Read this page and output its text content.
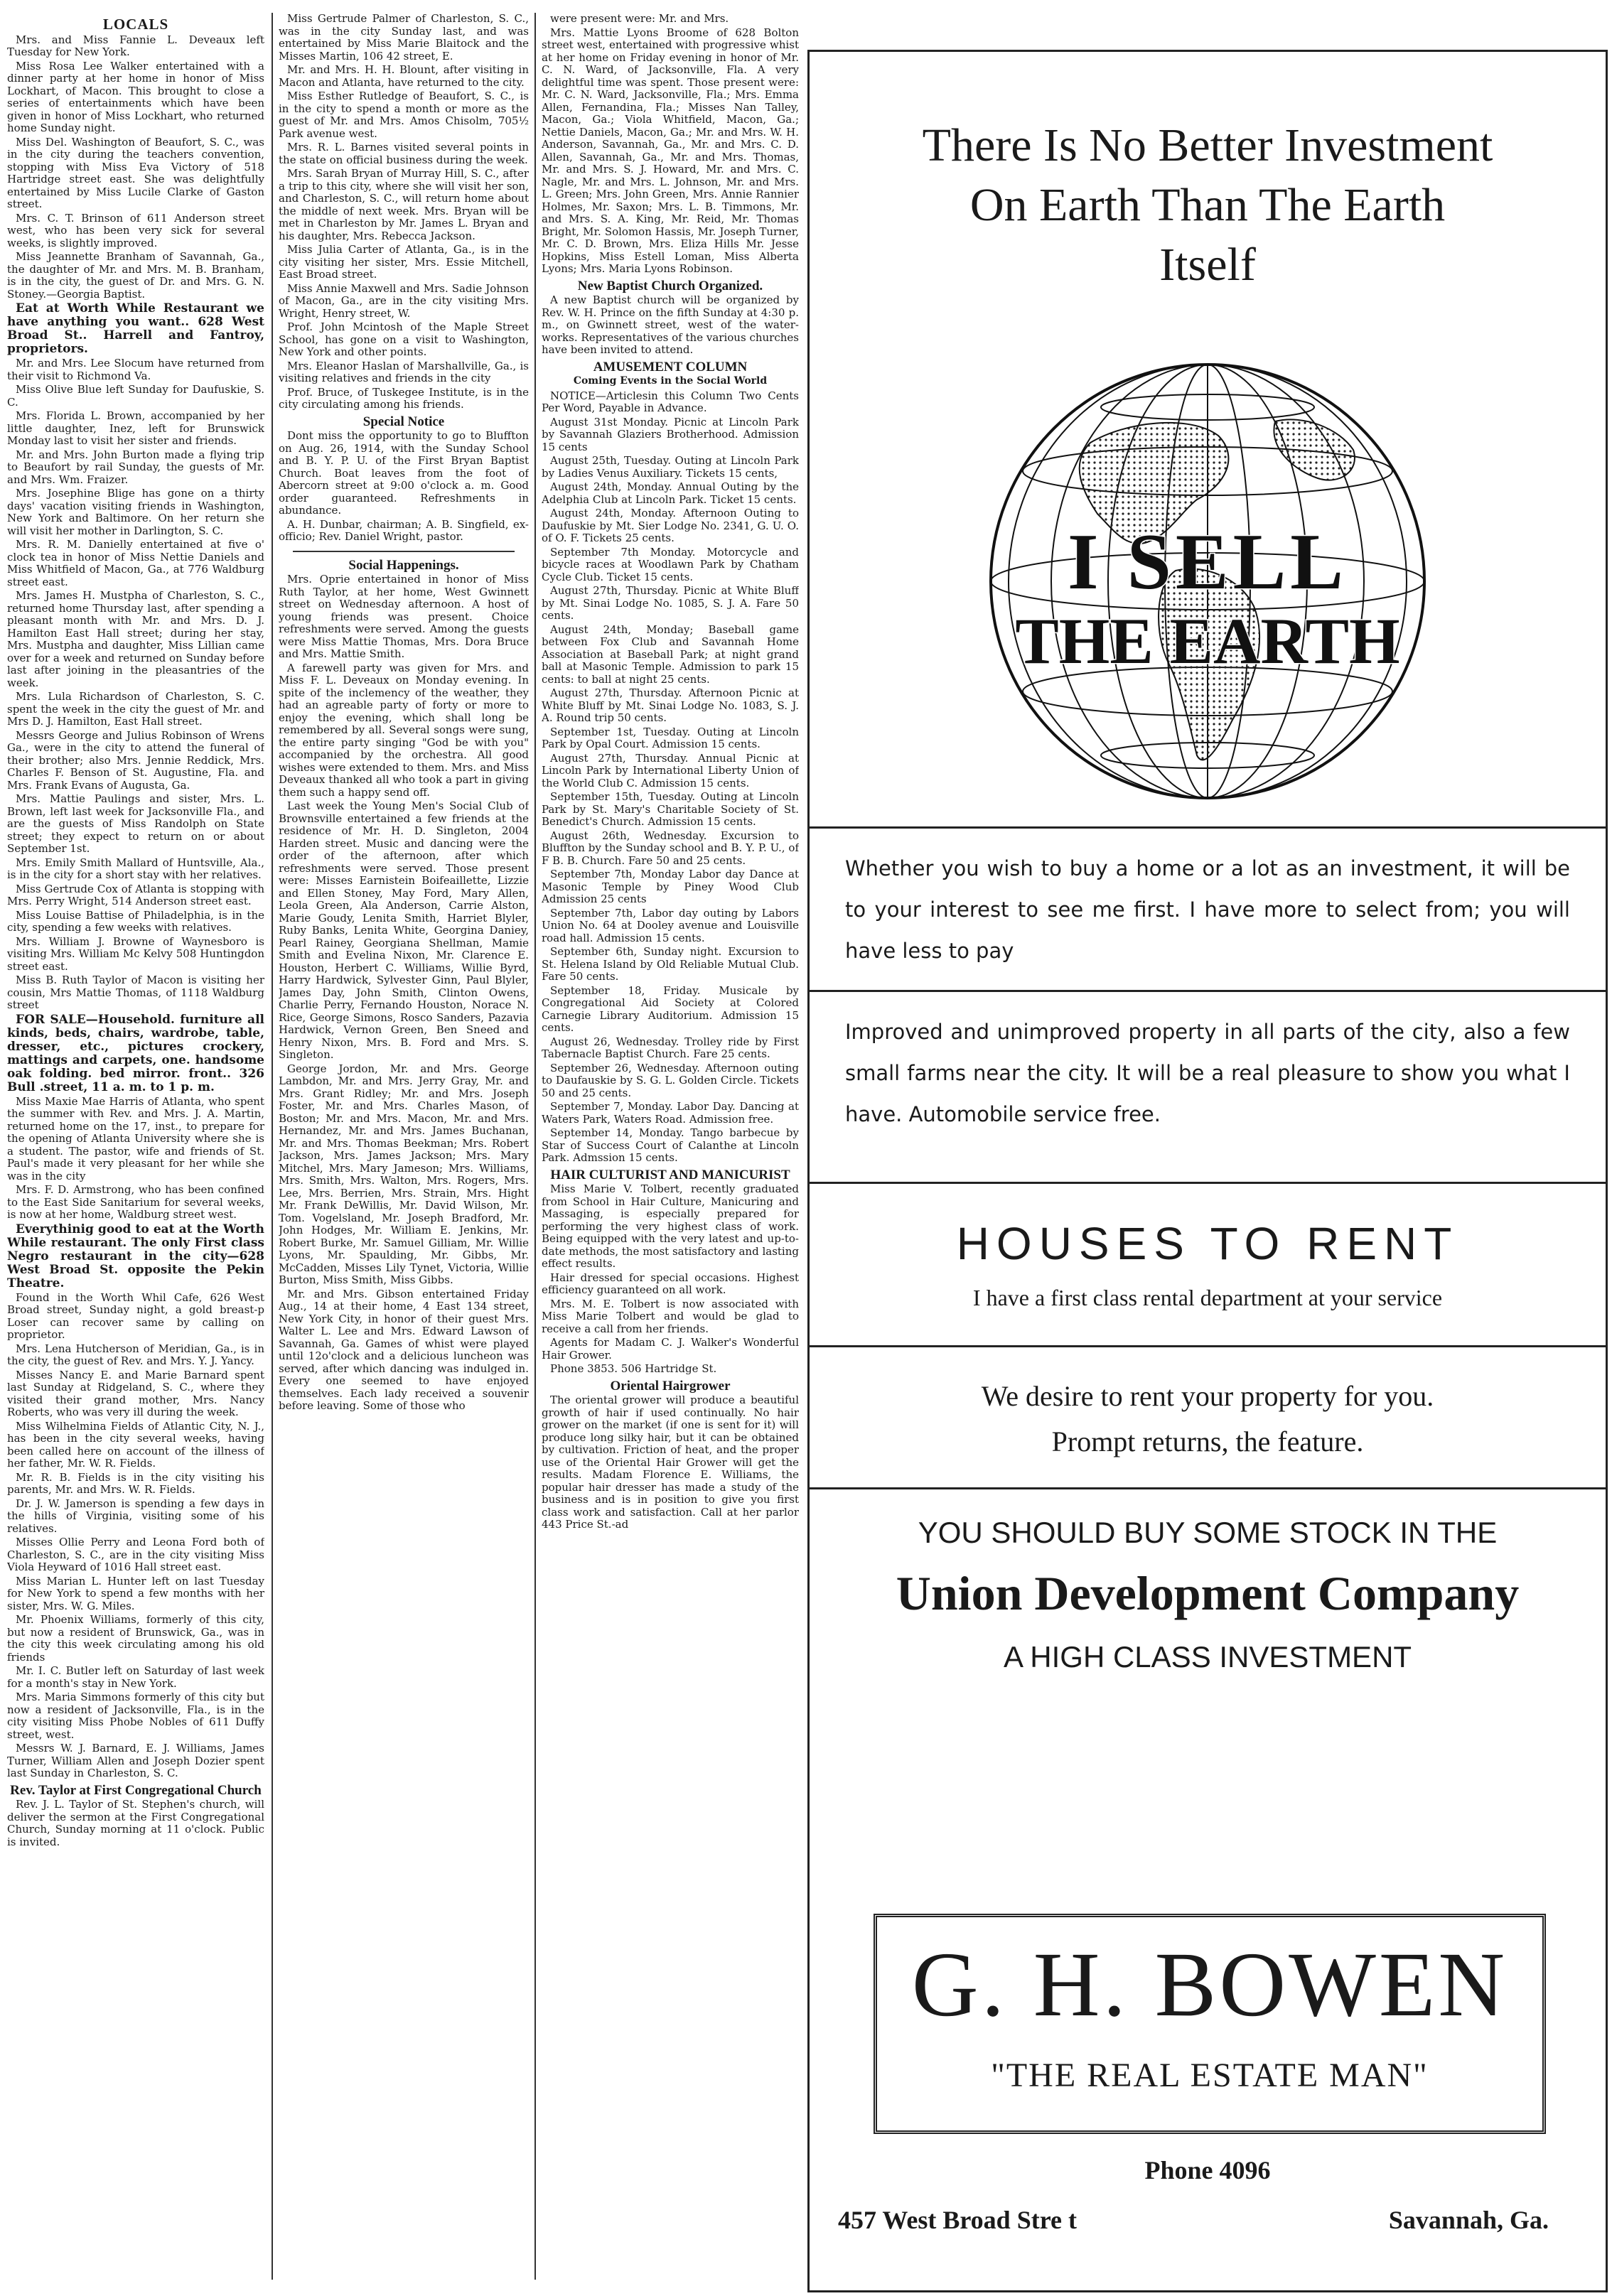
LOCALS

Mrs. and Miss Fannie L. Deveaux left Tuesday for New York.

Miss Rosa Lee Walker entertained with a dinner party at her home in honor of Miss Lockhart, of Macon. This brought to close a series of entertainments which have been given in honor of Miss Lockhart, who returned home Sunday night.

Miss Del. Washington of Beaufort, S. C., was in the city during the teachers convention, stopping with Miss Eva Victory of 518 Hartridge street east. She was delightfully entertained by Miss Lucile Clarke of Gaston street.

Mrs. C. T. Brinson of 611 Anderson street west, who has been very sick for several weeks, is slightly improved.

Miss Jeannette Branham of Savannah, Ga., the daughter of Mr. and Mrs. M. B. Branham, is in the city, the guest of Dr. and Mrs. G. N. Stoney.—Georgia Baptist.

Eat at Worth While Restaurant we have anything you want.. 628 West Broad St.. Harrell and Fantroy, proprietors.

Mr. and Mrs. Lee Slocum have returned from their visit to Richmond Va.

Miss Olive Blue left Sunday for Daufuskie, S. C.

Mrs. Florida L. Brown, accompanied by her little daughter, Inez, left for Brunswick Monday last to visit her sister and friends.

Mr. and Mrs. John Burton made a flying trip to Beaufort by rail Sunday, the guests of Mr. and Mrs. Wm. Fraizer.

Mrs. Josephine Blige has gone on a thirty days' vacation visiting friends in Washington, New York and Baltimore. On her return she will visit her mother in Darlington, S. C.

Mrs. R. M. Danielly entertained at five o' clock tea in honor of Miss Nettie Daniels and Miss Whitfield of Macon, Ga., at 776 Waldburg street east.

Mrs. James H. Mustpha of Charleston, S. C., returned home Thursday last, after spending a pleasant month with Mr. and Mrs. D. J. Hamilton East Hall street; during her stay, Mrs. Mustpha and daughter, Miss Lillian came over for a week and returned on Sunday before last after joining in the pleasantries of the week.

Mrs. Lula Richardson of Charleston, S. C. spent the week in the city the guest of Mr. and Mrs D. J. Hamilton, East Hall street.

Messrs George and Julius Robinson of Wrens Ga., were in the city to attend the funeral of their brother; also Mrs. Jennie Reddick, Mrs. Charles F. Benson of St. Augustine, Fla. and Mrs. Frank Evans of Augusta, Ga.

Mrs. Mattie Paulings and sister, Mrs. L. Brown, left last week for Jacksonville Fla., and are the guests of Miss Randolph on State street; they expect to return on or about September 1st.

Mrs. Emily Smith Mallard of Huntsville, Ala., is in the city for a short stay with her relatives.

Miss Gertrude Cox of Atlanta is stopping with Mrs. Perry Wright, 514 Anderson street east.

Miss Louise Battise of Philadelphia, is in the city, spending a few weeks with relatives.

Mrs. William J. Browne of Waynesboro is visiting Mrs. William Mc Kelvy 508 Huntingdon street east.

Miss B. Ruth Taylor of Macon is visiting her cousin, Mrs Mattie Thomas, of 1118 Waldburg street

FOR SALE—Household. furniture all kinds, beds, chairs, wardrobe, table, dresser, etc., pictures crockery, mattings and carpets, one. handsome oak folding. bed mirror. front.. 326 Bull .street, 11 a. m. to 1 p. m.

Miss Maxie Mae Harris of Atlanta, who spent the summer with Rev. and Mrs. J. A. Martin, returned home on the 17, inst., to prepare for the opening of Atlanta University where she is a student. The pastor, wife and friends of St. Paul's made it very pleasant for her while she was in the city

Mrs. F. D. Armstrong, who has been confined to the East Side Sanitarium for several weeks, is now at her home, Waldburg street west.

Everythinig good to eat at the Worth While restaurant. The only First class Negro restaurant in the city—628 West Broad St. opposite the Pekin Theatre.

Found in the Worth Whil Cafe, 626 West Broad street, Sunday night, a gold breast-p Loser can recover same by calling on proprietor.

Mrs. Lena Hutcherson of Meridian, Ga., is in the city, the guest of Rev. and Mrs. Y. J. Yancy.

Misses Nancy E. and Marie Barnard spent last Sunday at Ridgeland, S. C., where they visited their grand mother, Mrs. Nancy Roberts, who was very ill during the week.

Miss Wilhelmina Fields of Atlantic City, N. J., has been in the city several weeks, having been called here on account of the illness of her father, Mr. W. R. Fields.

Mr. R. B. Fields is in the city visiting his parents, Mr. and Mrs. W. R. Fields.

Dr. J. W. Jamerson is spending a few days in the hills of Virginia, visiting some of his relatives.

Misses Ollie Perry and Leona Ford both of Charleston, S. C., are in the city visiting Miss Viola Heyward of 1016 Hall street east.

Miss Marian L. Hunter left on last Tuesday for New York to spend a few months with her sister, Mrs. W. G. Miles.

Mr. Phoenix Williams, formerly of this city, but now a resident of Brunswick, Ga., was in the city this week circulating among his old friends

Mr. I. C. Butler left on Saturday of last week for a month's stay in New York.

Mrs. Maria Simmons formerly of this city but now a resident of Jacksonville, Fla., is in the city visiting Miss Phobe Nobles of 611 Duffy street, west.

Messrs W. J. Barnard, E. J. Williams, James Turner, William Allen and Joseph Dozier spent last Sunday in Charleston, S. C.

Rev. Taylor at First Congregational Church

Rev. J. L. Taylor of St. Stephen's church, will deliver the sermon at the First Congregational Church, Sunday morning at 11 o'clock. Public is invited.

Miss Gertrude Palmer of Charleston, S. C., was in the city Sunday last, and was entertained by Miss Marie Blaitock and the Misses Martin, 106 42 street, E.

Mr. and Mrs. H. H. Blount, after visiting in Macon and Atlanta, have returned to the city.

Miss Esther Rutledge of Beaufort, S. C., is in the city to spend a month or more as the guest of Mr. and Mrs. Amos Chisolm, 705½ Park avenue west.

Mrs. R. L. Barnes visited several points in the state on official business during the week.

Mrs. Sarah Bryan of Murray Hill, S. C., after a trip to this city, where she will visit her son, and Charleston, S. C., will return home about the middle of next week. Mrs. Bryan will be met in Charleston by Mr. James L. Bryan and his daughter, Mrs. Rebecca Jackson.

Miss Julia Carter of Atlanta, Ga., is in the city visiting her sister, Mrs. Essie Mitchell, East Broad street.

Miss Annie Maxwell and Mrs. Sadie Johnson of Macon, Ga., are in the city visiting Mrs. Wright, Henry street, W.

Prof. John Mcintosh of the Maple Street School, has gone on a visit to Washington, New York and other points.

Mrs. Eleanor Haslan of Marshallville, Ga., is visiting relatives and friends in the city

Prof. Bruce, of Tuskegee Institute, is in the city circulating among his friends.

Special Notice

Dont miss the opportunity to go to Bluffton on Aug. 26, 1914, with the Sunday School and B. Y. P. U. of the First Bryan Baptist Church. Boat leaves from the foot of Abercorn street at 9:00 o'clock a. m. Good order guaranteed. Refreshments in abundance.

A. H. Dunbar, chairman; A. B. Singfield, ex-officio; Rev. Daniel Wright, pastor.

Social Happenings.

Mrs. Oprie entertained in honor of Miss Ruth Taylor, at her home, West Gwinnett street on Wednesday afternoon. A host of young friends was present. Choice refreshments were served. Among the guests were Miss Mattie Thomas, Mrs. Dora Bruce and Mrs. Mattie Smith.

A farewell party was given for Mrs. and Miss F. L. Deveaux on Monday evening. In spite of the inclemency of the weather, they had an agreable party of forty or more to enjoy the evening, which shall long be remembered by all. Several songs were sung, the entire party singing "God be with you" accompanied by the orchestra. All good wishes were extended to them. Mrs. and Miss Deveaux thanked all who took a part in giving them such a happy send off.

Last week the Young Men's Social Club of Brownsville entertained a few friends at the residence of Mr. H. D. Singleton, 2004 Harden street. Music and dancing were the order of the afternoon, after which refreshments were served. Those present were: Misses Earnistein Boifeaillette, Lizzie and Ellen Stoney, May Ford, Mary Allen, Leola Green, Ala Anderson, Carrie Alston, Marie Goudy, Lenita Smith, Harriet Blyler, Ruby Banks, Lenita White, Georgina Daniey, Pearl Rainey, Georgiana Shellman, Mamie Smith and Evelina Nixon, Mr. Clarence E. Houston, Herbert C. Williams, Willie Byrd, Harry Hardwick, Sylvester Ginn, Paul Blyler, James Day, John Smith, Clinton Owens, Charlie Perry, Fernando Houston, Norace N. Rice, George Simons, Rosco Sanders, Pazavia Hardwick, Vernon Green, Ben Sneed and Henry Nixon, Mrs. B. Ford and Mrs. S. Singleton.

George Jordon, Mr. and Mrs. George Lambdon, Mr. and Mrs. Jerry Gray, Mr. and Mrs. Grant Ridley; Mr. and Mrs. Joseph Foster, Mr. and Mrs. Charles Mason, of Boston; Mr. and Mrs. Macon, Mr. and Mrs. Hernandez, Mr. and Mrs. James Buchanan, Mr. and Mrs. Thomas Beekman; Mrs. Robert Jackson, Mrs. James Jackson; Mrs. Mary Mitchel, Mrs. Mary Jameson; Mrs. Williams, Mrs. Smith, Mrs. Walton, Mrs. Rogers, Mrs. Lee, Mrs. Berrien, Mrs. Strain, Mrs. Hight Mr. Frank DeWillis, Mr. David Wilson, Mr. Tom. Vogelsland, Mr. Joseph Bradford, Mr. John Hodges, Mr. William E. Jenkins, Mr. Robert Burke, Mr. Samuel Gilliam, Mr. Willie Lyons, Mr. Spaulding, Mr. Gibbs, Mr. McCadden, Misses Lily Tynet, Victoria, Willie Burton, Miss Smith, Miss Gibbs.

Mr. and Mrs. Gibson entertained Friday Aug., 14 at their home, 4 East 134 street, New York City, in honor of their guest Mrs. Walter L. Lee and Mrs. Edward Lawson of Savannah, Ga. Games of whist were played until 12o'clock and a delicious luncheon was served, after which dancing was indulged in. Every one seemed to have enjoyed themselves. Each lady received a souvenir before leaving. Some of those who

were present were: Mr. and Mrs.

Mrs. Mattie Lyons Broome of 628 Bolton street west, entertained with progressive whist at her home on Friday evening in honor of Mr. C. N. Ward, of Jacksonville, Fla. A very delightful time was spent. Those present were: Mr. C. N. Ward, Jacksonville, Fla.; Mrs. Emma Allen, Fernandina, Fla.; Misses Nan Talley, Macon, Ga.; Viola Whitfield, Macon, Ga.; Nettie Daniels, Macon, Ga.; Mr. and Mrs. W. H. Anderson, Savannah, Ga., Mr. and Mrs. C. D. Allen, Savannah, Ga., Mr. and Mrs. Thomas, Mr. and Mrs. S. J. Howard, Mr. and Mrs. C. Nagle, Mr. and Mrs. L. Johnson, Mr. and Mrs. L. Green; Mrs. John Green, Mrs. Annie Rannier Holmes, Mr. Saxon; Mrs. L. B. Timmons, Mr. and Mrs. S. A. King, Mr. Reid, Mr. Thomas Bright, Mr. Solomon Hassis, Mr. Joseph Turner, Mr. C. D. Brown, Mrs. Eliza Hills Mr. Jesse Hopkins, Miss Estell Loman, Miss Alberta Lyons; Mrs. Maria Lyons Robinson.

New Baptist Church Organized.

A new Baptist church will be organized by Rev. W. H. Prince on the fifth Sunday at 4:30 p. m., on Gwinnett street, west of the water-works. Representatives of the various churches have been invited to attend.

AMUSEMENT COLUMN
Coming Events in the Social World

NOTICE—Articlesin this Column Two Cents Per Word, Payable in Advance.

August 31st Monday. Picnic at Lincoln Park by Savannah Glaziers Brotherhood. Admission 15 cents

August 25th, Tuesday. Outing at Lincoln Park by Ladies Venus Auxiliary. Tickets 15 cents,

August 24th, Monday. Annual Outing by the Adelphia Club at Lincoln Park. Ticket 15 cents.

August 24th, Monday. Afternoon Outing to Daufuskie by Mt. Sier Lodge No. 2341, G. U. O. of O. F. Tickets 25 cents.

September 7th Monday. Motorcycle and bicycle races at Woodlawn Park by Chatham Cycle Club. Ticket 15 cents.

August 27th, Thursday. Picnic at White Bluff by Mt. Sinai Lodge No. 1085, S. J. A. Fare 50 cents.

August 24th, Monday; Baseball game between Fox Club and Savannah Home Association at Baseball Park; at night grand ball at Masonic Temple. Admission to park 15 cents: to ball at night 25 cents.

August 27th, Thursday. Afternoon Picnic at White Bluff by Mt. Sinai Lodge No. 1083, S. J. A. Round trip 50 cents.

September 1st, Tuesday. Outing at Lincoln Park by Opal Court. Admission 15 cents.

August 27th, Thursday. Annual Picnic at Lincoln Park by International Liberty Union of the World Club C. Admission 15 cents.

September 15th, Tuesday. Outing at Lincoln Park by St. Mary's Charitable Society of St. Benedict's Church. Admission 15 cents.

August 26th, Wednesday. Excursion to Bluffton by the Sunday school and B. Y. P. U., of F B. B. Church. Fare 50 and 25 cents.

September 7th, Monday Labor day Dance at Masonic Temple by Piney Wood Club Admission 25 cents

September 7th, Labor day outing by Labors Union No. 64 at Dooley avenue and Louisville road hall. Admission 15 cents.

September 6th, Sunday night. Excursion to St. Helena Island by Old Reliable Mutual Club. Fare 50 cents.

September 18, Friday. Musicale by Congregational Aid Society at Colored Carnegie Library Auditorium. Admission 15 cents.

August 26, Wednesday. Trolley ride by First Tabernacle Baptist Church. Fare 25 cents.

September 26, Wednesday. Afternoon outing to Daufauskie by S. G. L. Golden Circle. Tickets 50 and 25 cents.

September 7, Monday. Labor Day. Dancing at Waters Park, Waters Road. Admission free.

September 14, Monday. Tango barbecue by Star of Success Court of Calanthe at Lincoln Park. Admssion 15 cents.

HAIR CULTURIST AND MANICURIST

Miss Marie V. Tolbert, recently graduated from School in Hair Culture, Manicuring and Massaging, is especially prepared for performing the very highest class of work. Being equipped with the very latest and up-to-date methods, the most satisfactory and lasting effect results.

Hair dressed for special occasions. Highest efficiency guaranteed on all work.

Mrs. M. E. Tolbert is now associated with Miss Marie Tolbert and would be glad to receive a call from her friends.

Agents for Madam C. J. Walker's Wonderful Hair Grower.

Phone 3853. 506 Hartridge St.

Oriental Hairgrower

The oriental grower will produce a beautiful growth of hair if used continually. No hair grower on the market (if one is sent for it) will produce long silky hair, but it can be obtained by cultivation. Friction of heat, and the proper use of the Oriental Hair Grower will get the results. Madam Florence E. Williams, the popular hair dresser has made a study of the business and is in position to give you first class work and satisfaction. Call at her parlor 443 Price St.-ad

There Is No Better Investment
On Earth Than The Earth
Itself
I SELL
THE EARTH
Whether you wish to buy a home or a lot as an investment, it will be to your interest to see me first. I have more to select from; you will have less to pay
Improved and unimproved property in all parts of the city, also a few small farms near the city. It will be a real pleasure to show you what I have. Automobile service free.
HOUSES TO RENT
I have a first class rental department at your service
We desire to rent your property for you.
Prompt returns, the feature.
YOU SHOULD BUY SOME STOCK IN THE
Union Development Company
A HIGH CLASS INVESTMENT
G. H. BOWEN
"THE REAL ESTATE MAN"
Phone 4096
457 West Broad Stre t	Savannah, Ga.
